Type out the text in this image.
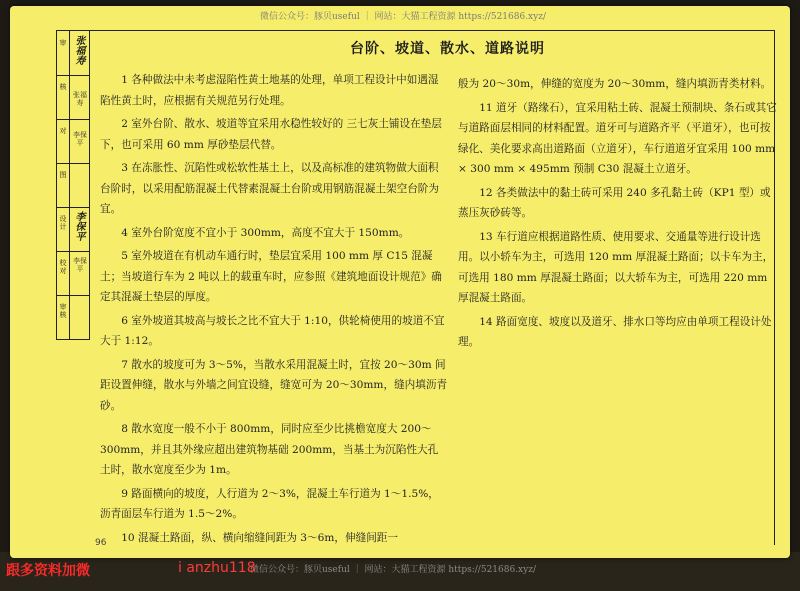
微信公众号：豚贝useful ｜ 网站：大猫工程资源 https://521686.xyz/
审
核
对
图
设计
校对
审核
张福寿
李保平
李保平
张福寿
李保平
台阶、坡道、散水、道路说明

1 各种做法中未考虑湿陷性黄土地基的处理，单项工程设计中如遇湿陷性黄土时，应根据有关规范另行处理。

2 室外台阶、散水、坡道等宜采用水稳性较好的 三七灰土铺设在垫层下，也可采用 60 mm 厚砂垫层代替。

3 在冻胀性、沉陷性或松软性基土上，以及高标准的建筑物做大面积台阶时，以采用配筋混凝土代替素混凝土台阶或用钢筋混凝土架空台阶为宜。

4 室外台阶宽度不宜小于 300mm，高度不宜大于 150mm。

5 室外坡道在有机动车通行时，垫层宜采用 100 mm 厚 C15 混凝土；当坡道行车为 2 吨以上的载重车时，应参照《建筑地面设计规范》确定其混凝土垫层的厚度。

6 室外坡道其坡高与坡长之比不宜大于 1:10，供轮椅使用的坡道不宜大于 1:12。

7 散水的坡度可为 3～5%，当散水采用混凝土时，宜按 20～30m 间距设置伸缝，散水与外墙之间宜设缝，缝宽可为 20～30mm，缝内填沥青砂。

8 散水宽度一般不小于 800mm，同时应至少比挑檐宽度大 200～300mm，并且其外缘应超出建筑物基础 200mm，当基土为沉陷性大孔土时，散水宽度至少为 1m。

9 路面横向的坡度，人行道为 2～3%，混凝土车行道为 1～1.5%，沥青面层车行道为 1.5～2%。

10 混凝土路面，纵、横向缩缝间距为 3～6m，伸缝间距一

般为 20～30m，伸缝的宽度为 20～30mm，缝内填沥青类材料。

11 道牙（路缘石），宜采用粘土砖、混凝土预制块、条石或其它与道路面层相同的材料配置。道牙可与道路齐平（平道牙），也可按绿化、美化要求高出道路面（立道牙），车行道道牙宜采用 100 mm × 300 mm × 495mm 预制 C30 混凝土立道牙。

12 各类做法中的黏土砖可采用 240 多孔黏土砖（KP1 型）或蒸压灰砂砖等。

13 车行道应根据道路性质、使用要求、交通量等进行设计选用。以小轿车为主，可选用 120 mm 厚混凝土路面；以卡车为主，可选用 180 mm 厚混凝土路面；以大轿车为主，可选用 220 mm 厚混凝土路面。

14 路面宽度、坡度以及道牙、排水口等均应由单项工程设计处理。

96
微信公众号：豚贝useful ｜ 网站：大猫工程资源 https://521686.xyz/
跟多资料加微	i anzhu118
